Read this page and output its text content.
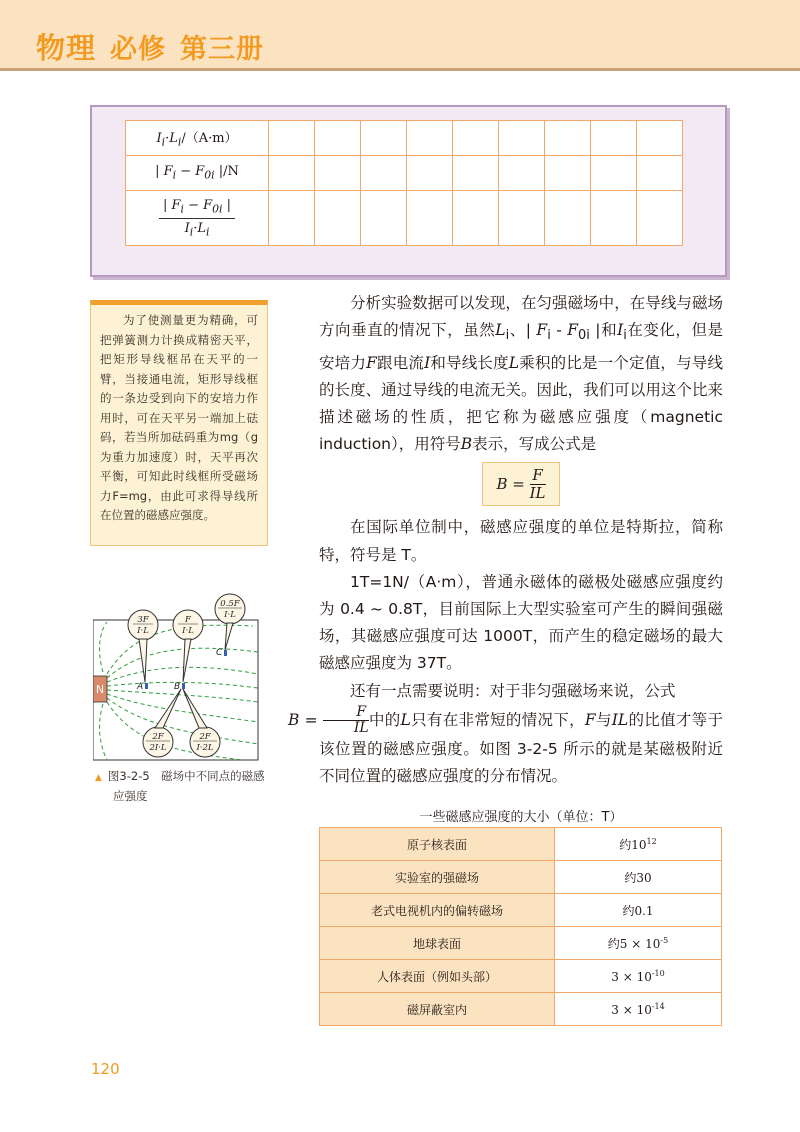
物理 必修 第三册
$I_i\cdot L_i/(A\cdot m)$									
| $F_i - F_{0i}$ |/N									

$\frac{| F_i - F_{0i} |}{I_i\cdot L_i}$

为了使测量更为精确，可把弹簧测力计换成精密天平，把矩形导线框吊在天平的一臂，当接通电流，矩形导线框的一条边受到向下的安培力作用时，可在天平另一端加上砝码，若当所加砝码重为mg（g为重力加速度）时，天平再次平衡，可知此时线框所受磁场力F=mg，由此可求得导线所在位置的磁感应强度。

N	A	B
C
3F
I·L
F
I·L
0.5F
I·L
2F
2I·L
2F
I·2L
▲ 图3-2-5　磁场中不同点的磁感
应强度

分析实验数据可以发现，在匀强磁场中，在导线与磁场方向垂直的情况下，虽然$L_i$、| $F_i - F_{0i}$ |和$I_i$在变化，但是安培力F跟电流I和导线长度L乘积的比是一个定值，与导线的长度、通过导线的电流无关。因此，我们可以用这个比来描述磁场的性质，把它称为磁感应强度（magnetic induction），用符号B表示，写成公式是

B =
$\frac{F}{IL}$

在国际单位制中，磁感应强度的单位是特斯拉，简称特，符号是 T。

1T=1N/（A·m），普通永磁体的磁极处磁感应强度约为 0.4 ~ 0.8T，目前国际上大型实验室可产生的瞬间强磁场，其磁感应强度可达 1000T，而产生的稳定磁场的最大磁感应强度为 37T。

还有一点需要说明：对于非匀强磁场来说，公式
$B = \frac{F}{IL}$ 中的L只有在非常短的情况下，F与IL的比值才等于该位置的磁感应强度。如图 3-2-5 所示的就是某磁极附近不同位置的磁感应强度的分布情况。

一些磁感应强度的大小（单位：T）
原子核表面	约$10^{12}$
实验室的强磁场	约30
老式电视机内的偏转磁场	约0.1
地球表面	约$5 \times 10^{-5}$
人体表面（例如头部）	$3 \times 10^{-10}$
磁屏蔽室内	$3 \times 10^{-14}$
120
